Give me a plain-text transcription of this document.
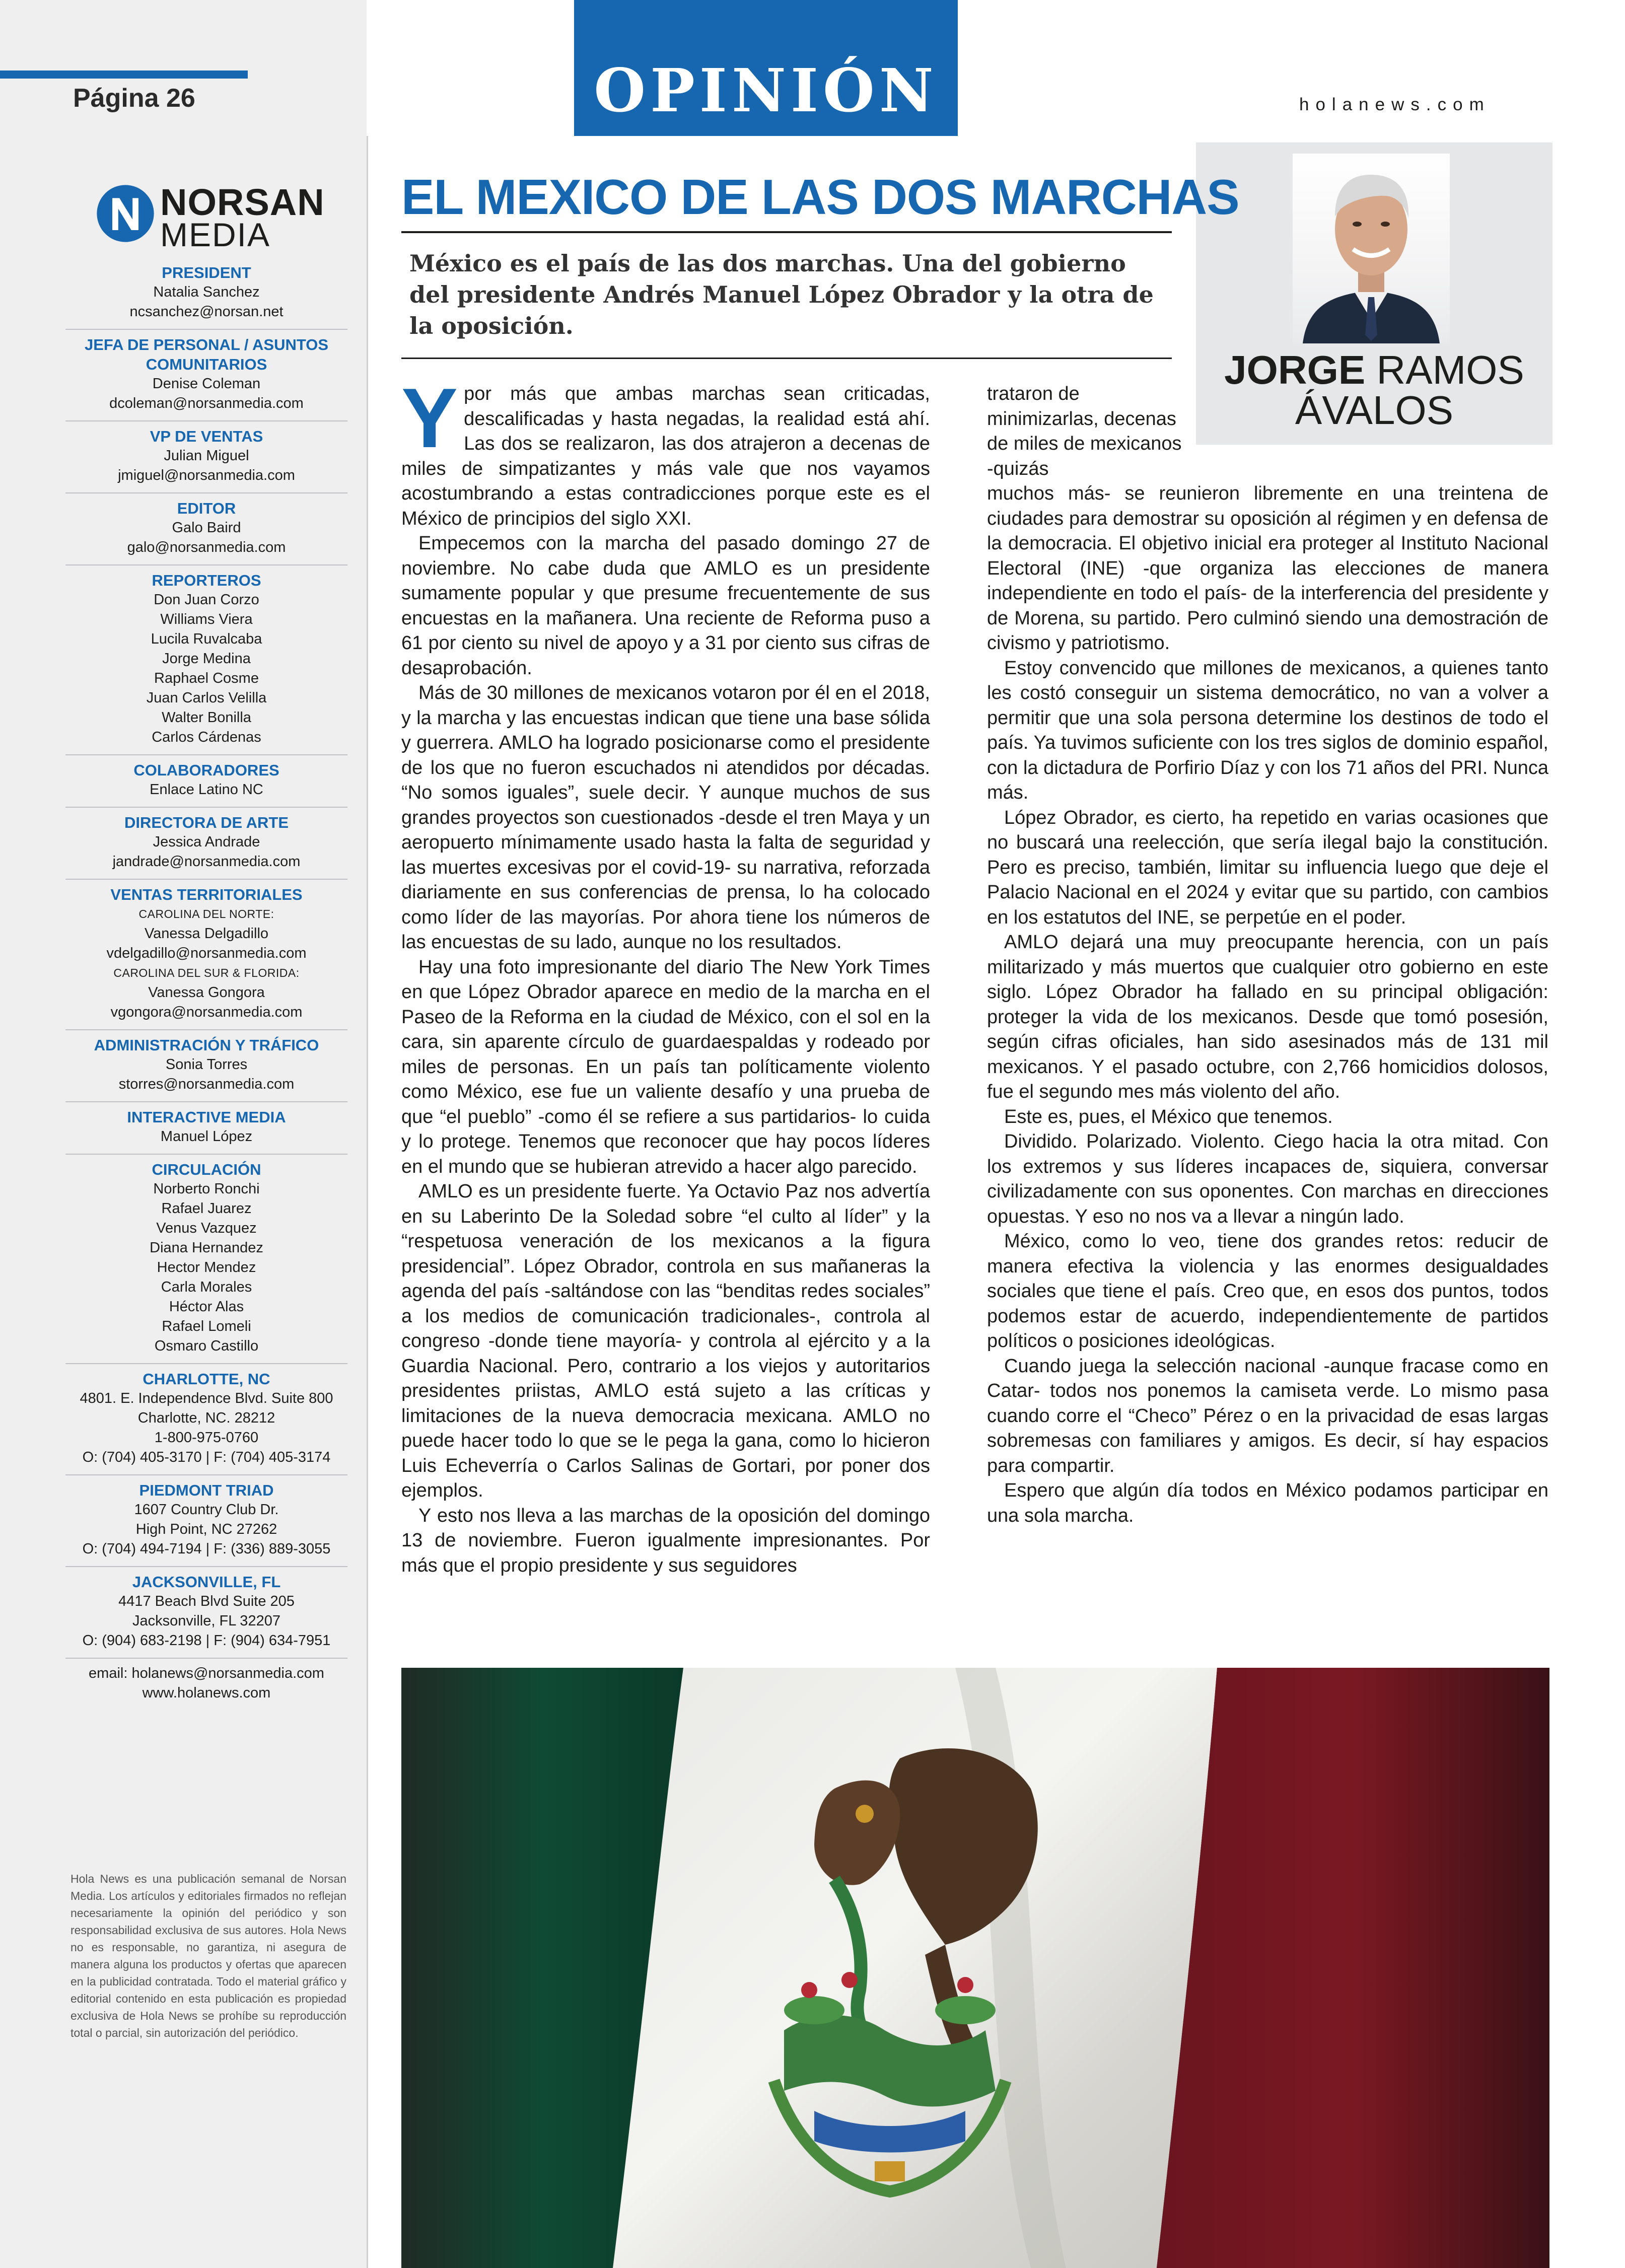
Página 26
NORSAN
MEDIA
PRESIDENT
Natalia Sanchez
ncsanchez@norsan.net
JEFA DE PERSONAL / ASUNTOS COMUNITARIOS
Denise Coleman
dcoleman@norsanmedia.com
VP DE VENTAS
Julian Miguel
jmiguel@norsanmedia.com
EDITOR
Galo Baird
galo@norsanmedia.com
REPORTEROS
Don Juan Corzo
Williams Viera
Lucila Ruvalcaba
Jorge Medina
Raphael Cosme
Juan Carlos Velilla
Walter Bonilla
Carlos Cárdenas
COLABORADORES
Enlace Latino NC
DIRECTORA DE ARTE
Jessica Andrade
jandrade@norsanmedia.com
VENTAS TERRITORIALES
CAROLINA DEL NORTE:
Vanessa Delgadillo
vdelgadillo@norsanmedia.com
CAROLINA DEL SUR & FLORIDA:
Vanessa Gongora
vgongora@norsanmedia.com
ADMINISTRACIÓN Y TRÁFICO
Sonia Torres
storres@norsanmedia.com
INTERACTIVE MEDIA
Manuel López
CIRCULACIÓN
Norberto Ronchi
Rafael Juarez
Venus Vazquez
Diana Hernandez
Hector Mendez
Carla Morales
Héctor Alas
Rafael Lomeli
Osmaro Castillo
CHARLOTTE, NC
4801. E. Independence Blvd. Suite 800
Charlotte, NC. 28212
1-800-975-0760
O: (704) 405-3170 | F: (704) 405-3174
PIEDMONT TRIAD
1607 Country Club Dr.
High Point, NC 27262
O: (704) 494-7194 | F: (336) 889-3055
JACKSONVILLE, FL
4417 Beach Blvd Suite 205
Jacksonville, FL 32207
O: (904) 683-2198 | F: (904) 634-7951
email: holanews@norsanmedia.com
www.holanews.com
Hola News es una publicación semanal de Norsan Media. Los artículos y editoriales firmados no reflejan necesariamente la opinión del periódico y son responsabilidad exclusiva de sus autores. Hola News no es responsable, no garantiza, ni asegura de manera alguna los productos y ofertas que aparecen en la publicidad contratada. Todo el material gráfico y editorial contenido en esta publicación es propiedad exclusiva de Hola News se prohíbe su reproducción total o parcial, sin autorización del periódico.
OPINIÓN	holanews.com
JORGE RAMOS
ÁVALOS
EL MEXICO DE LAS DOS MARCHAS
México es el país de las dos marchas. Una del gobierno del presidente Andrés Manuel López Obrador y la otra de la oposición.

Ypor más que ambas marchas sean criticadas, descalificadas y hasta negadas, la realidad está ahí. Las dos se realizaron, las dos atrajeron a decenas de miles de simpatizantes y más vale que nos vayamos acostumbrando a estas contradicciones porque este es el México de principios del siglo XXI.

Empecemos con la marcha del pasado domingo 27 de noviembre. No cabe duda que AMLO es un presidente sumamente popular y que presume frecuentemente de sus encuestas en la mañanera. Una reciente de Reforma puso a 61 por ciento su nivel de apoyo y a 31 por ciento sus cifras de desaprobación.

Más de 30 millones de mexicanos votaron por él en el 2018, y la marcha y las encuestas indican que tiene una base sólida y guerrera. AMLO ha logrado posicionarse como el presidente de los que no fueron escuchados ni atendidos por décadas. “No somos iguales”, suele decir. Y aunque muchos de sus grandes proyectos son cuestionados -desde el tren Maya y un aeropuerto mínimamente usado hasta la falta de seguridad y las muertes excesivas por el covid-19- su narrativa, reforzada diariamente en sus conferencias de prensa, lo ha colocado como líder de las mayorías. Por ahora tiene los números de las encuestas de su lado, aunque no los resultados.

Hay una foto impresionante del diario The New York Times en que López Obrador aparece en medio de la marcha en el Paseo de la Reforma en la ciudad de México, con el sol en la cara, sin aparente círculo de guardaespaldas y rodeado por miles de personas. En un país tan políticamente violento como México, ese fue un valiente desafío y una prueba de que “el pueblo” -como él se refiere a sus partidarios- lo cuida y lo protege. Tenemos que reconocer que hay pocos líderes en el mundo que se hubieran atrevido a hacer algo parecido.

AMLO es un presidente fuerte. Ya Octavio Paz nos advertía en su Laberinto De la Soledad sobre “el culto al líder” y la “respetuosa veneración de los mexicanos a la figura presidencial”. López Obrador, controla en sus mañaneras la agenda del país -saltándose con las “benditas redes sociales” a los medios de comunicación tradicionales-, controla al congreso -donde tiene mayoría- y controla al ejército y a la Guardia Nacional. Pero, contrario a los viejos y autoritarios presidentes priistas, AMLO está sujeto a las críticas y limitaciones de la nueva democracia mexicana. AMLO no puede hacer todo lo que se le pega la gana, como lo hicieron Luis Echeverría o Carlos Salinas de Gortari, por poner dos ejemplos.

Y esto nos lleva a las marchas de la oposición del domingo 13 de noviembre. Fueron igualmente impresionantes. Por más que el propio presidente y sus seguidores

trataron de minimizarlas, decenas de miles de mexicanos -quizás

muchos más- se reunieron libremente en una treintena de ciudades para demostrar su oposición al régimen y en defensa de la democracia. El objetivo inicial era proteger al Instituto Nacional Electoral (INE) -que organiza las elecciones de manera independiente en todo el país- de la interferencia del presidente y de Morena, su partido. Pero culminó siendo una demostración de civismo y patriotismo.

Estoy convencido que millones de mexicanos, a quienes tanto les costó conseguir un sistema democrático, no van a volver a permitir que una sola persona determine los destinos de todo el país. Ya tuvimos suficiente con los tres siglos de dominio español, con la dictadura de Porfirio Díaz y con los 71 años del PRI. Nunca más.

López Obrador, es cierto, ha repetido en varias ocasiones que no buscará una reelección, que sería ilegal bajo la constitución. Pero es preciso, también, limitar su influencia luego que deje el Palacio Nacional en el 2024 y evitar que su partido, con cambios en los estatutos del INE, se perpetúe en el poder.

AMLO dejará una muy preocupante herencia, con un país militarizado y más muertos que cualquier otro gobierno en este siglo. López Obrador ha fallado en su principal obligación: proteger la vida de los mexicanos. Desde que tomó posesión, según cifras oficiales, han sido asesinados más de 131 mil mexicanos. Y el pasado octubre, con 2,766 homicidios dolosos, fue el segundo mes más violento del año.

Este es, pues, el México que tenemos.

Dividido. Polarizado. Violento. Ciego hacia la otra mitad. Con los extremos y sus líderes incapaces de, siquiera, conversar civilizadamente con sus oponentes. Con marchas en direcciones opuestas. Y eso no nos va a llevar a ningún lado.

México, como lo veo, tiene dos grandes retos: reducir de manera efectiva la violencia y las enormes desigualdades sociales que tiene el país. Creo que, en esos dos puntos, todos podemos estar de acuerdo, independientemente de partidos políticos o posiciones ideológicas.

Cuando juega la selección nacional -aunque fracase como en Catar- todos nos ponemos la camiseta verde. Lo mismo pasa cuando corre el “Checo” Pérez o en la privacidad de esas largas sobremesas con familiares y amigos. Es decir, sí hay espacios para compartir.

Espero que algún día todos en México podamos participar en una sola marcha.
